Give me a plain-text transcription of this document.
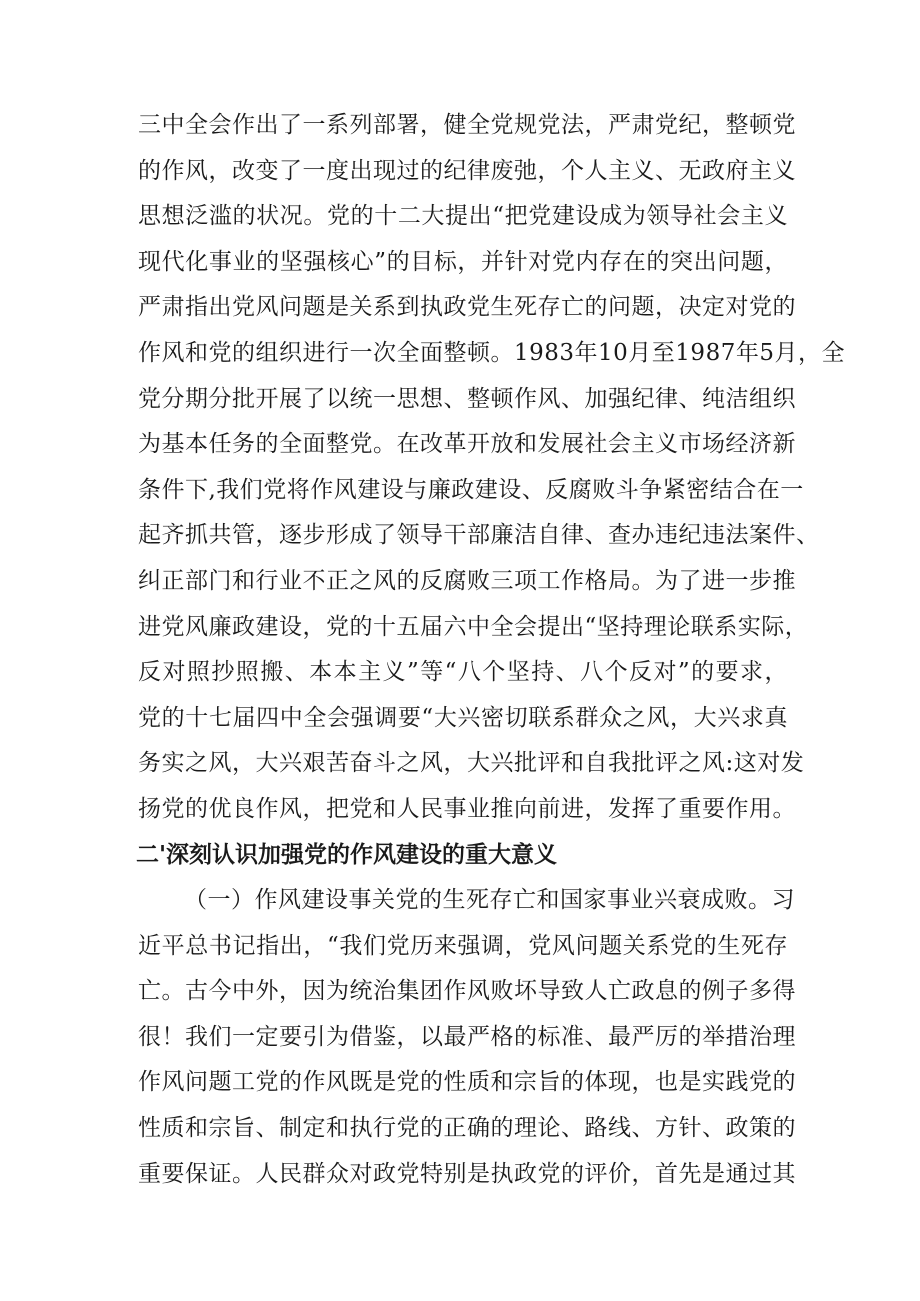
三中全会作出了一系列部署，健全党规党法，严肃党纪，整顿党
的作风，改变了一度出现过的纪律废弛，个人主义、无政府主义
思想泛滥的状况。党的十二大提出“把党建设成为领导社会主义
现代化事业的坚强核心”的目标，并针对党内存在的突出问题，
严肃指出党风问题是关系到执政党生死存亡的问题，决定对党的
作风和党的组织进行一次全面整顿。1983年10月至1987年5月，全
党分期分批开展了以统一思想、整顿作风、加强纪律、纯洁组织
为基本任务的全面整党。在改革开放和发展社会主义市场经济新
条件下,我们党将作风建设与廉政建设、反腐败斗争紧密结合在一
起齐抓共管，逐步形成了领导干部廉洁自律、查办违纪违法案件、
纠正部门和行业不正之风的反腐败三项工作格局。为了进一步推
进党风廉政建设，党的十五届六中全会提出“坚持理论联系实际，
反对照抄照搬、本本主义”等“八个坚持、八个反对”的要求，
党的十七届四中全会强调要“大兴密切联系群众之风，大兴求真
务实之风，大兴艰苦奋斗之风，大兴批评和自我批评之风:这对发
扬党的优良作风，把党和人民事业推向前进，发挥了重要作用。
二'深刻认识加强党的作风建设的重大意义
（一）作风建设事关党的生死存亡和国家事业兴衰成败。习
近平总书记指出，“我们党历来强调，党风问题关系党的生死存
亡。古今中外，因为统治集团作风败坏导致人亡政息的例子多得
很！我们一定要引为借鉴，以最严格的标准、最严厉的举措治理
作风问题工党的作风既是党的性质和宗旨的体现，也是实践党的
性质和宗旨、制定和执行党的正确的理论、路线、方针、政策的
重要保证。人民群众对政党特别是执政党的评价，首先是通过其
